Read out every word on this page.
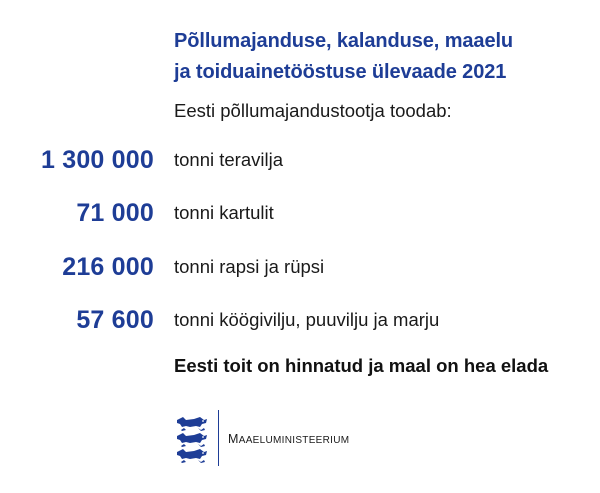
Põllumajanduse, kalanduse, maaelu
ja toiduainetööstuse ülevaade 2021
Eesti põllumajandustootja toodab:
1 300 000 tonni teravilja
71 000 tonni kartulit
216 000 tonni rapsi ja rüpsi
57 600 tonni köögivilju, puuvilju ja marju
Eesti toit on hinnatud ja maal on hea elada
MAAELUMINISTEERIUM
